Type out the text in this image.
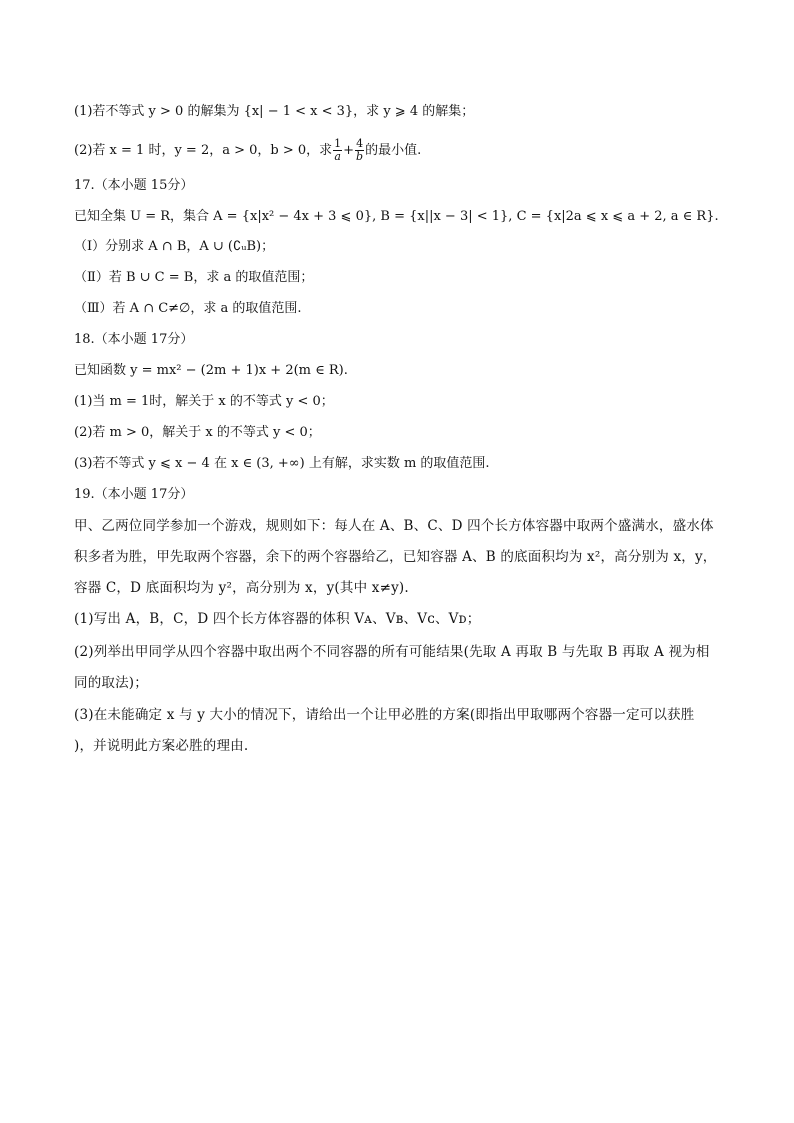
(1)若不等式 y > 0 的解集为 {x| − 1 < x < 3}，求 y ⩾ 4 的解集；
(2)若 x = 1 时，y = 2，a > 0，b > 0，求 $\frac{1}{a} + \frac{4}{b}$ 的最小值.
17.（本小题 15分）
已知全集 U = R，集合 A = {x|x² − 4x + 3 ⩽ 0}, B = {x||x − 3| < 1}, C = {x|2a ⩽ x ⩽ a + 2, a ∈ R}.
（Ⅰ）分别求 A ∩ B，A ∪ (∁ᵤB)；
（Ⅱ）若 B ∪ C = B，求 a 的取值范围；
（Ⅲ）若 A ∩ C≠∅，求 a 的取值范围.
18.（本小题 17分）
已知函数 y = mx² − (2m + 1)x + 2(m ∈ R).
(1)当 m = 1时，解关于 x 的不等式 y < 0；
(2)若 m > 0，解关于 x 的不等式 y < 0；
(3)若不等式 y ⩽ x − 4 在 x ∈ (3, +∞) 上有解，求实数 m 的取值范围.
19.（本小题 17分）
甲、乙两位同学参加一个游戏，规则如下：每人在 A、B、C、D 四个长方体容器中取两个盛满水，盛水体
积多者为胜，甲先取两个容器，余下的两个容器给乙，已知容器 A、B 的底面积均为 x²，高分别为 x，y，
容器 C，D 底面积均为 y²，高分别为 x，y(其中 x≠y).
(1)写出 A，B，C，D 四个长方体容器的体积 Vᴀ、Vʙ、Vᴄ、Vᴅ；
(2)列举出甲同学从四个容器中取出两个不同容器的所有可能结果(先取 A 再取 B 与先取 B 再取 A 视为相
同的取法)；
(3)在未能确定 x 与 y 大小的情况下，请给出一个让甲必胜的方案(即指出甲取哪两个容器一定可以获胜
)，并说明此方案必胜的理由.
